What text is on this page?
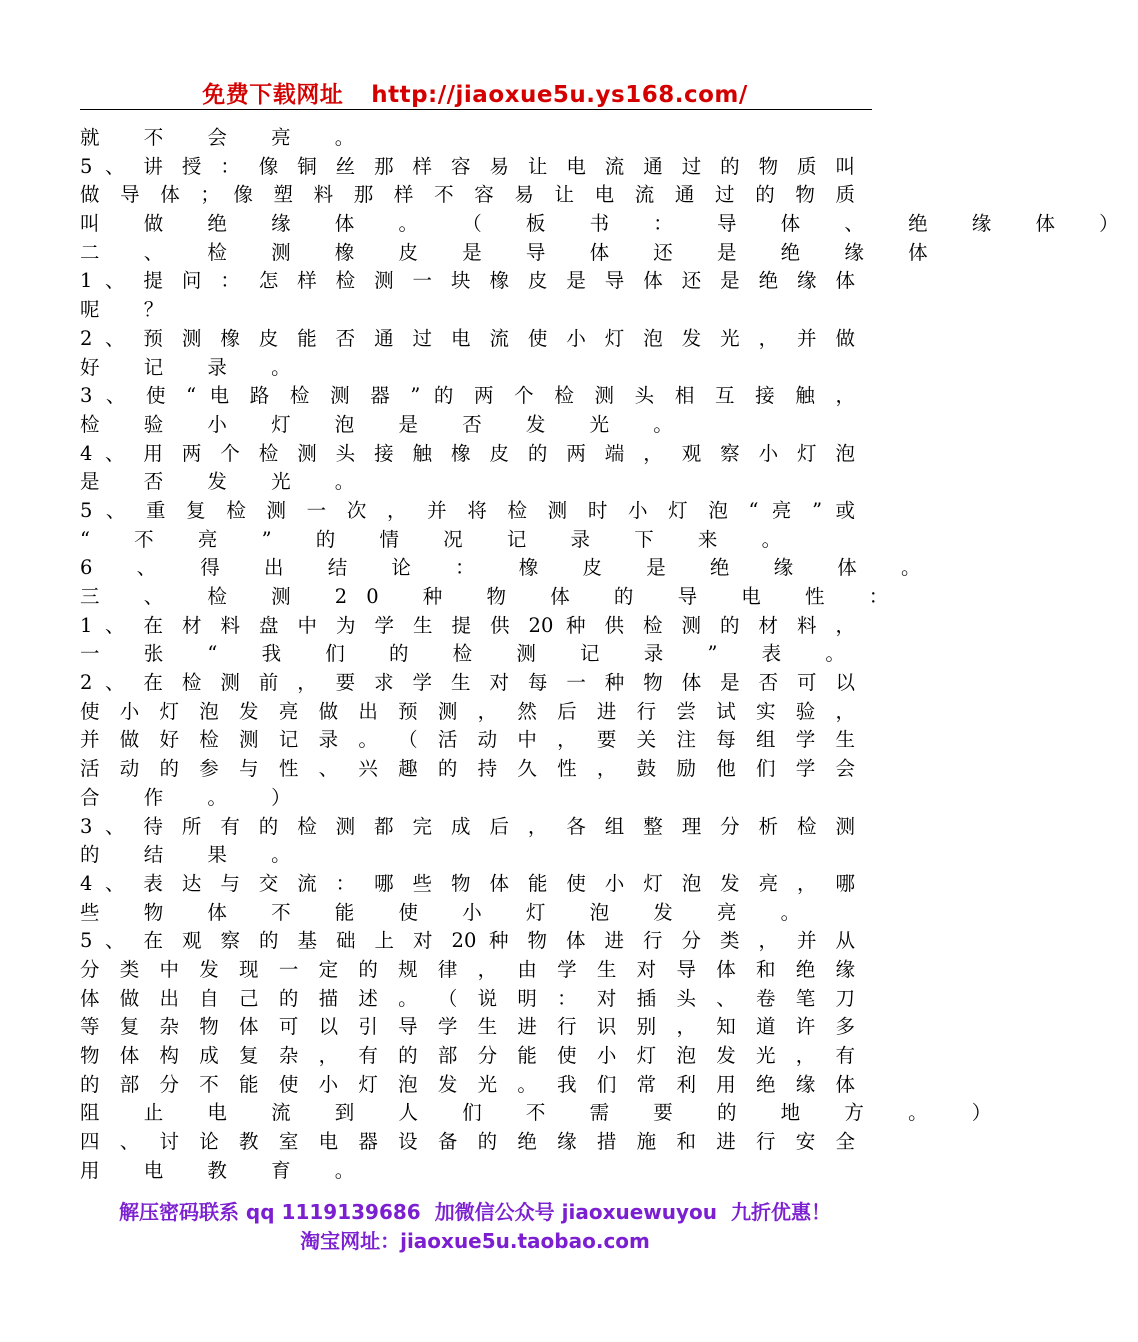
免费下载网址 http://jiaoxue5u.ys168.com/
就 不 会 亮 。
5 、 讲 授 ： 像 铜 丝 那 样 容 易 让 电 流 通 过 的 物 质 叫
做 导 体 ； 像 塑 料 那 样 不 容 易 让 电 流 通 过 的 物 质
叫 做 绝 缘 体 。 （ 板 书 ： 导 体 、 绝 缘 体 ）
二 、 检 测 橡 皮 是 导 体 还 是 绝 缘 体
1 、 提 问 ： 怎 样 检 测 一 块 橡 皮 是 导 体 还 是 绝 缘 体
呢 ？
2 、 预 测 橡 皮 能 否 通 过 电 流 使 小 灯 泡 发 光 ， 并 做
好 记 录 。
3 、 使 “ 电 路 检 测 器 ” 的 两 个 检 测 头 相 互 接 触 ，
检 验 小 灯 泡 是 否 发 光 。
4 、 用 两 个 检 测 头 接 触 橡 皮 的 两 端 ， 观 察 小 灯 泡
是 否 发 光 。
5 、 重 复 检 测 一 次 ， 并 将 检 测 时 小 灯 泡 “ 亮 ” 或
“ 不 亮 ” 的 情 况 记 录 下 来 。
6 、 得 出 结 论 ： 橡 皮 是 绝 缘 体 。
三 、 检 测 20 种 物 体 的 导 电 性 ：
1 、 在 材 料 盘 中 为 学 生 提 供 20 种 供 检 测 的 材 料 ，
一 张 “ 我 们 的 检 测 记 录 ” 表 。
2 、 在 检 测 前 ， 要 求 学 生 对 每 一 种 物 体 是 否 可 以
使 小 灯 泡 发 亮 做 出 预 测 ， 然 后 进 行 尝 试 实 验 ，
并 做 好 检 测 记 录 。 （ 活 动 中 ， 要 关 注 每 组 学 生
活 动 的 参 与 性 、 兴 趣 的 持 久 性 ， 鼓 励 他 们 学 会
合 作 。 ）
3 、 待 所 有 的 检 测 都 完 成 后 ， 各 组 整 理 分 析 检 测
的 结 果 。
4 、 表 达 与 交 流 ： 哪 些 物 体 能 使 小 灯 泡 发 亮 ， 哪
些 物 体 不 能 使 小 灯 泡 发 亮 。
5 、 在 观 察 的 基 础 上 对 20 种 物 体 进 行 分 类 ， 并 从
分 类 中 发 现 一 定 的 规 律 ， 由 学 生 对 导 体 和 绝 缘
体 做 出 自 己 的 描 述 。 （ 说 明 ： 对 插 头 、 卷 笔 刀
等 复 杂 物 体 可 以 引 导 学 生 进 行 识 别 ， 知 道 许 多
物 体 构 成 复 杂 ， 有 的 部 分 能 使 小 灯 泡 发 光 ， 有
的 部 分 不 能 使 小 灯 泡 发 光 。 我 们 常 利 用 绝 缘 体
阻 止 电 流 到 人 们 不 需 要 的 地 方 。 ）
四 、 讨 论 教 室 电 器 设 备 的 绝 缘 措 施 和 进 行 安 全
用 电 教 育 。
解压密码联系 qq 1119139686 加微信公众号 jiaoxuewuyou 九折优惠！
淘宝网址：jiaoxue5u.taobao.com
